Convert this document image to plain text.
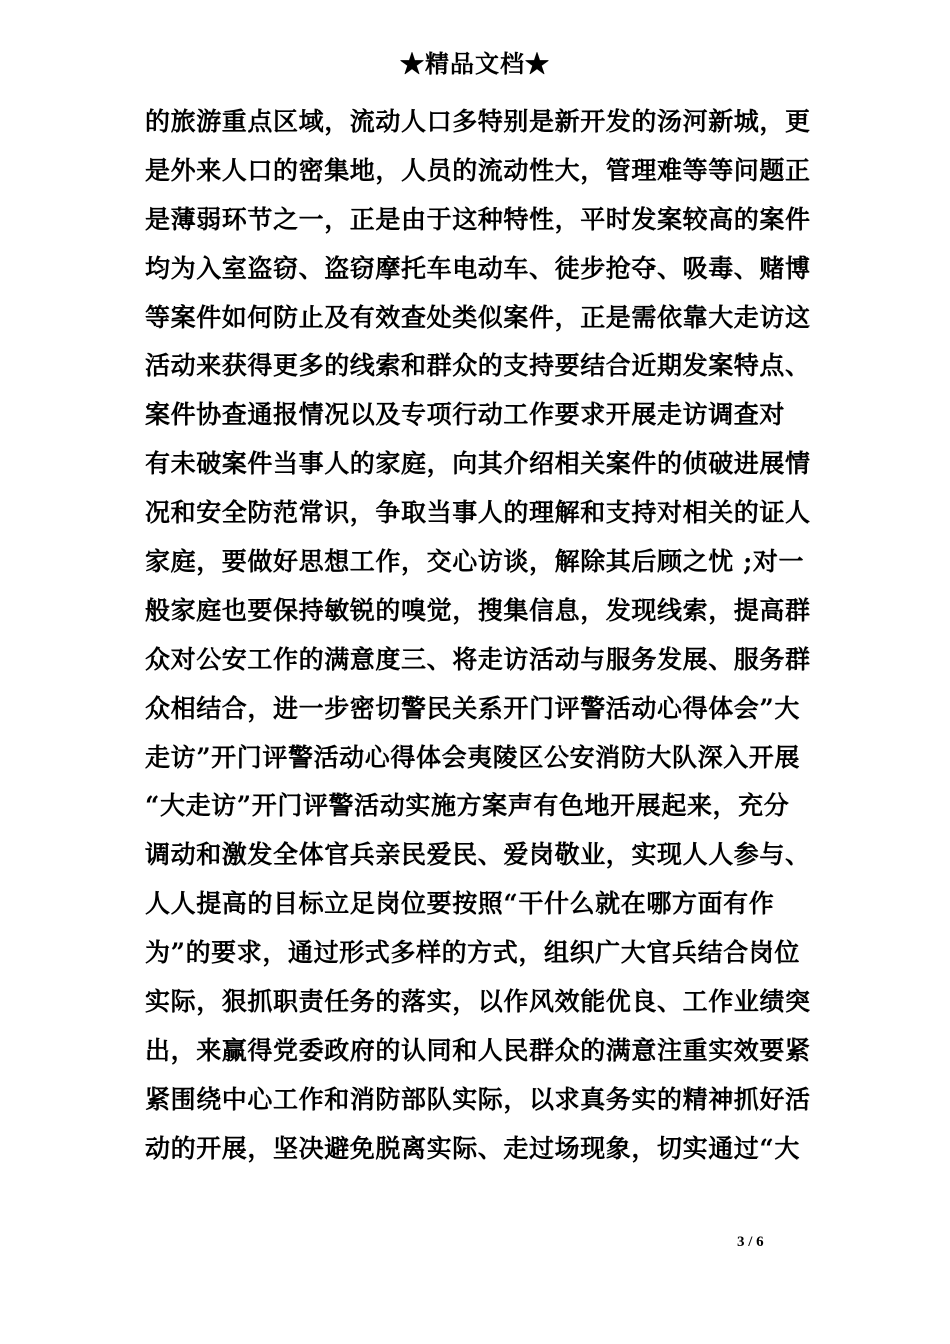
★精品文档★
的旅游重点区域，流动人口多特别是新开发的汤河新城，更
是外来人口的密集地，人员的流动性大，管理难等等问题正
是薄弱环节之一，正是由于这种特性，平时发案较高的案件
均为入室盗窃、盗窃摩托车电动车、徒步抢夺、吸毒、赌博
等案件如何防止及有效查处类似案件，正是需依靠大走访这
活动来获得更多的线索和群众的支持要结合近期发案特点、
案件协查通报情况以及专项行动工作要求开展走访调查对
有未破案件当事人的家庭，向其介绍相关案件的侦破进展情
况和安全防范常识，争取当事人的理解和支持对相关的证人
家庭，要做好思想工作，交心访谈，解除其后顾之忧 ;对一
般家庭也要保持敏锐的嗅觉，搜集信息，发现线索，提高群
众对公安工作的满意度三、将走访活动与服务发展、服务群
众相结合，进一步密切警民关系开门评警活动心得体会”大
走访”开门评警活动心得体会夷陵区公安消防大队深入开展
“大走访”开门评警活动实施方案声有色地开展起来，充分
调动和激发全体官兵亲民爱民、爱岗敬业，实现人人参与、
人人提高的目标立足岗位要按照“干什么就在哪方面有作
为”的要求，通过形式多样的方式，组织广大官兵结合岗位
实际，狠抓职责任务的落实，以作风效能优良、工作业绩突
出，来赢得党委政府的认同和人民群众的满意注重实效要紧
紧围绕中心工作和消防部队实际，以求真务实的精神抓好活
动的开展，坚决避免脱离实际、走过场现象，切实通过“大
3 / 6
